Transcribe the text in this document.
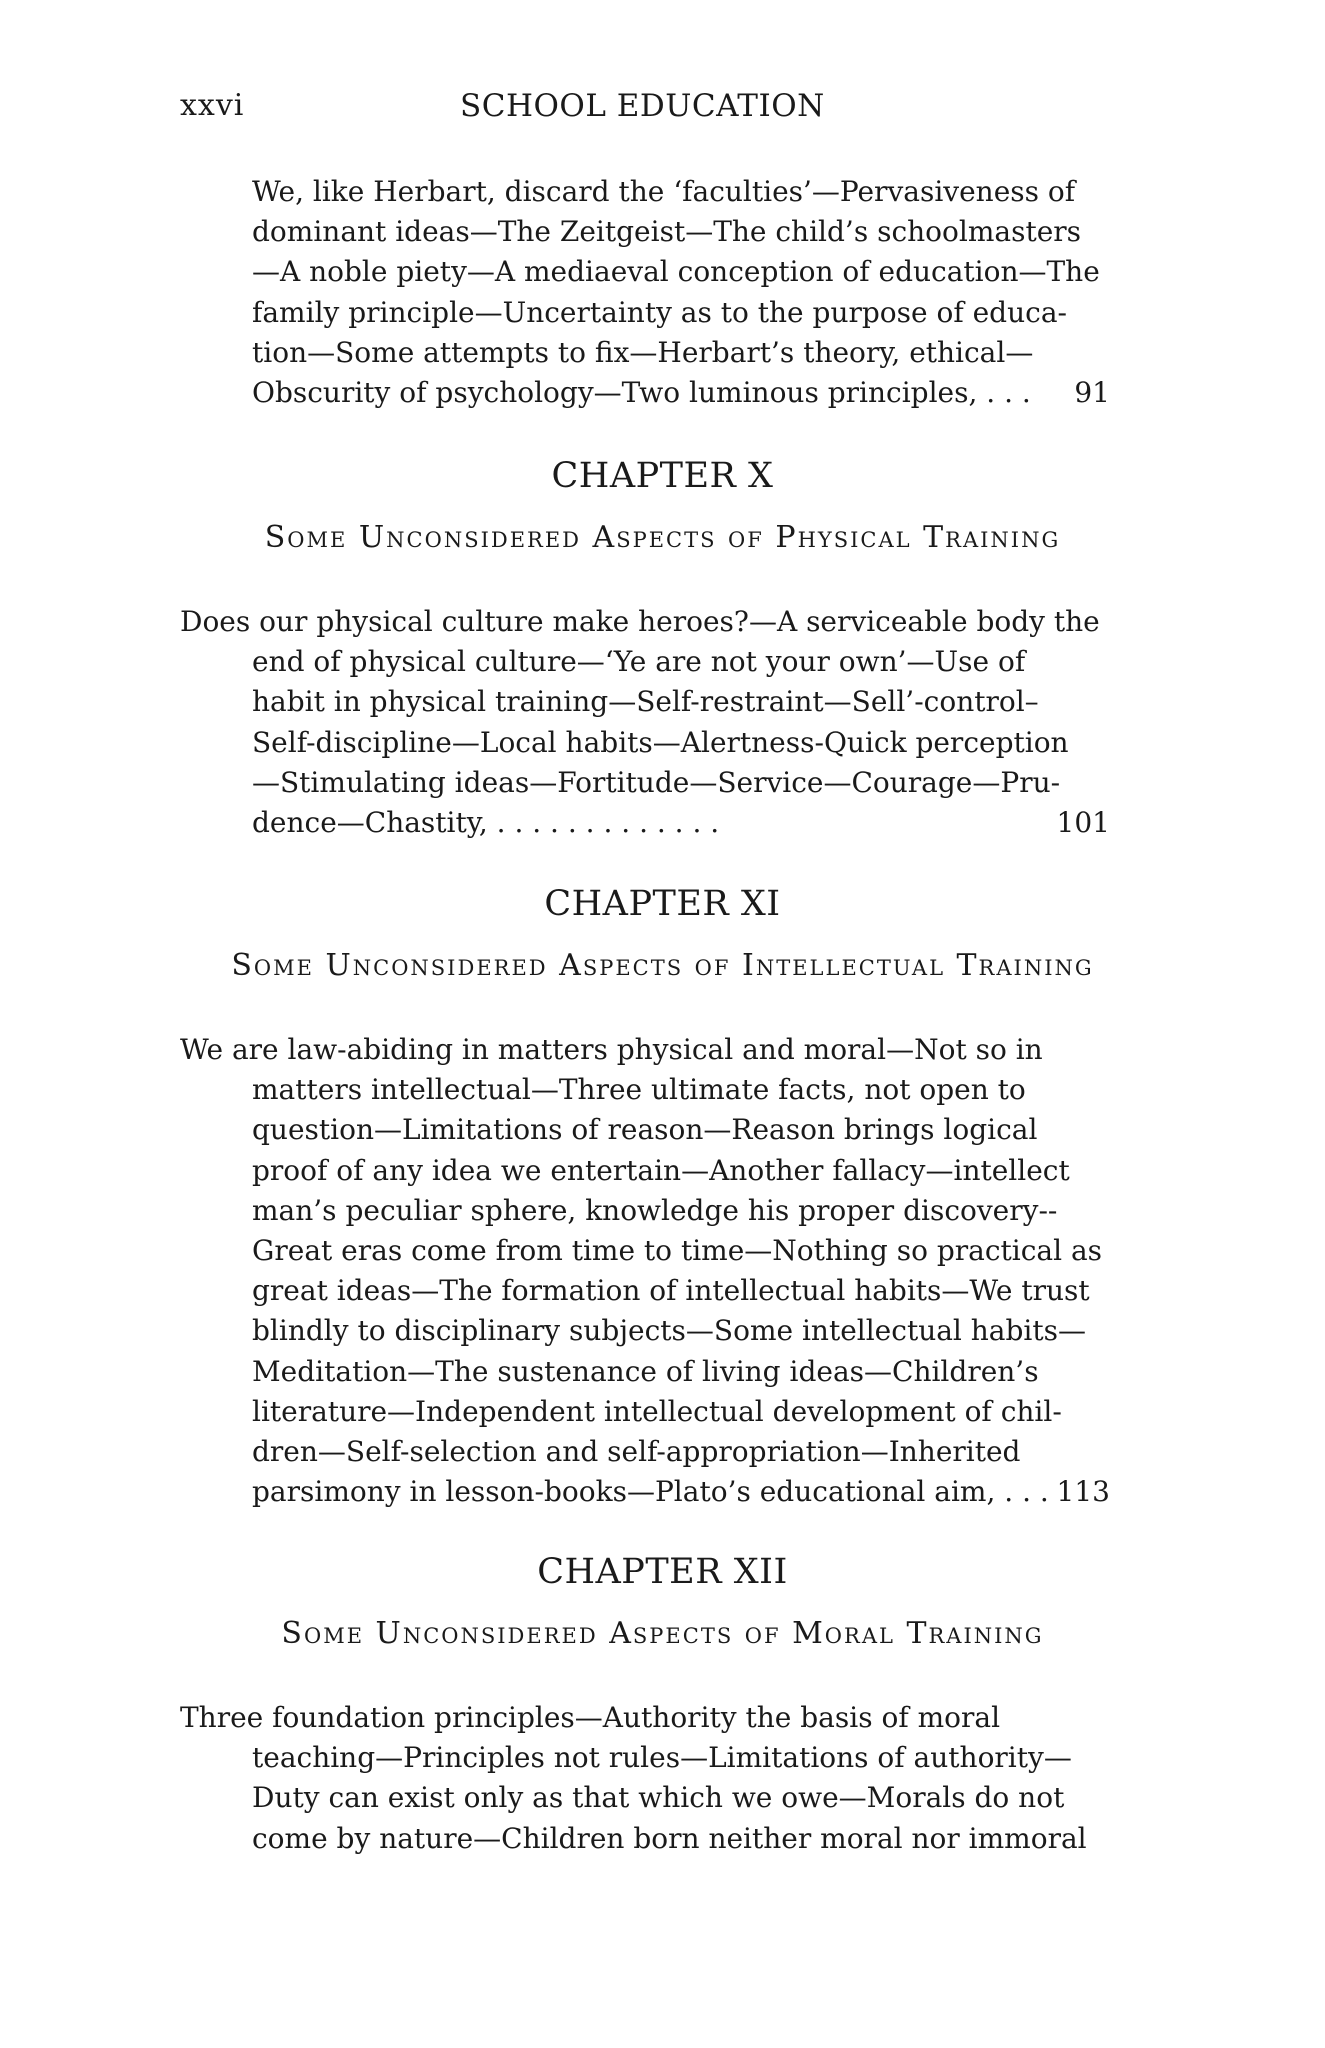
xxvi	SCHOOL EDUCATION
We, like Herbart, discard the ‘faculties’—Pervasiveness of
dominant ideas—The Zeitgeist—The child’s schoolmasters
—A noble piety—A mediaeval conception of education—The
family principle—Uncertainty as to the purpose of educa-
tion—Some attempts to fix—Herbart’s theory, ethical—
Obscurity of psychology—Two luminous principles, . . . 91
CHAPTER X
Some Unconsidered Aspects of Physical Training
Does our physical culture make heroes?—A serviceable body the
end of physical culture—‘Ye are not your own’—Use of
habit in physical training—Self-restraint—Sell’-control–
Self-discipline—Local habits—Alertness-Quick perception
—Stimulating ideas—Fortitude—Service—Courage—Pru-
dence—Chastity, . . . . . . . . . . . . .	101
CHAPTER XI
Some Unconsidered Aspects of Intellectual Training
We are law-abiding in matters physical and moral—Not so in
matters intellectual—Three ultimate facts, not open to
question—Limitations of reason—Reason brings logical
proof of any idea we entertain—Another fallacy—intellect
man’s peculiar sphere, knowledge his proper discovery--
Great eras come from time to time—Nothing so practical as
great ideas—The formation of intellectual habits—We trust
blindly to disciplinary subjects—Some intellectual habits—
Meditation—The sustenance of living ideas—Children’s
literature—Independent intellectual development of chil-
dren—Self-selection and self-appropriation—Inherited
parsimony in lesson-books—Plato’s educational aim, . . . 113
CHAPTER XII
Some Unconsidered Aspects of Moral Training
Three foundation principles—Authority the basis of moral
teaching—Principles not rules—Limitations of authority—
Duty can exist only as that which we owe—Morals do not
come by nature—Children born neither moral nor immoral
